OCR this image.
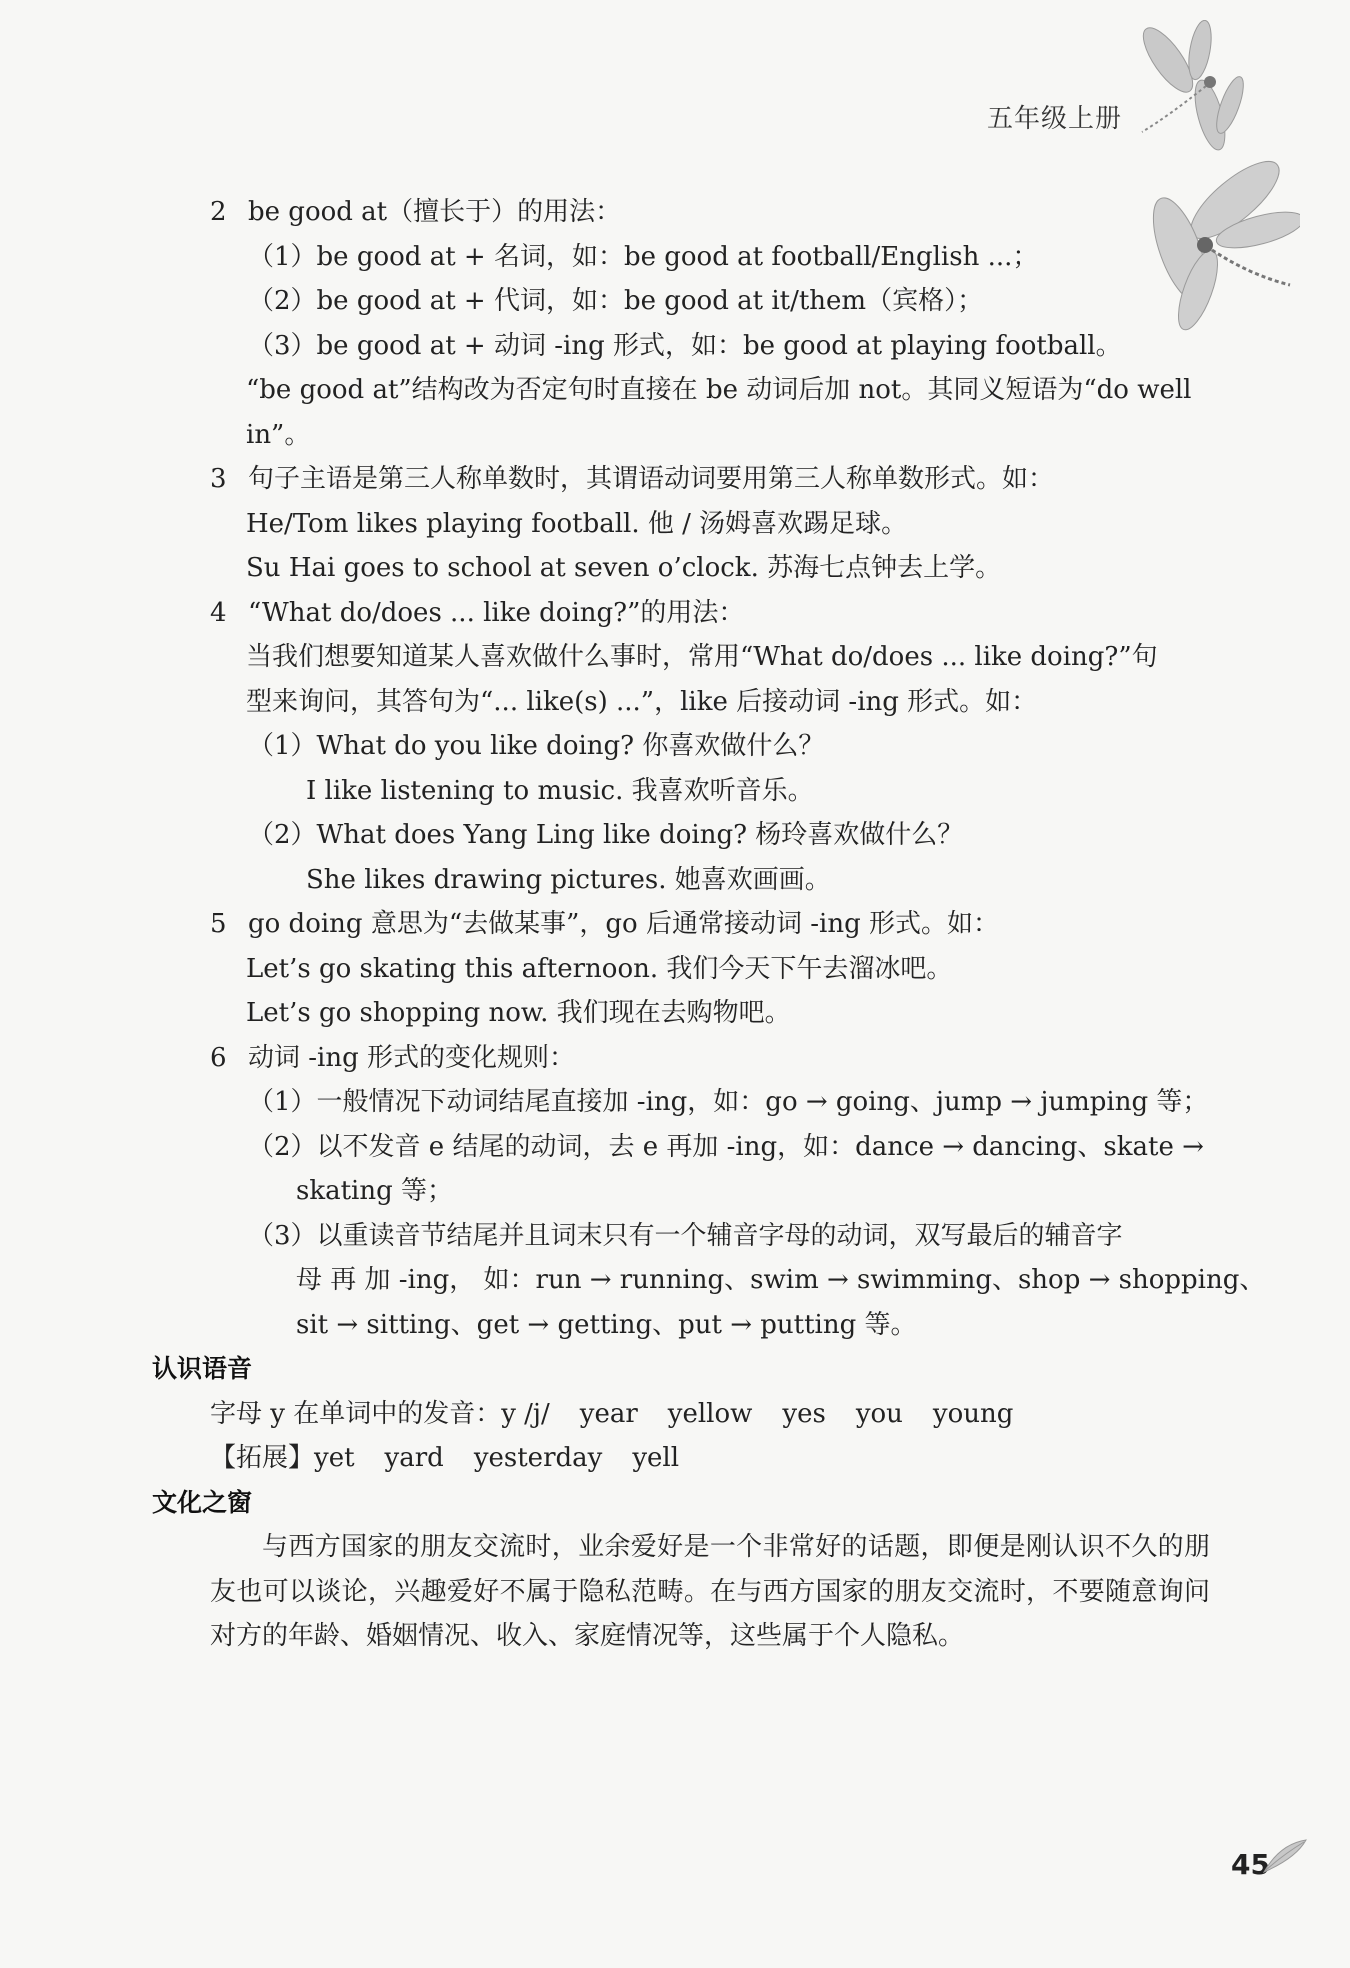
五年级上册
2 be good at（擅长于）的用法：
（1）be good at + 名词，如：be good at football/English ...；
（2）be good at + 代词，如：be good at it/them（宾格）；
（3）be good at + 动词 -ing 形式，如：be good at playing football。
“be good at”结构改为否定句时直接在 be 动词后加 not。其同义短语为“do well
in”。
3 句子主语是第三人称单数时，其谓语动词要用第三人称单数形式。如：
He/Tom likes playing football. 他 / 汤姆喜欢踢足球。
Su Hai goes to school at seven o’clock. 苏海七点钟去上学。
4 “What do/does ... like doing?”的用法：
当我们想要知道某人喜欢做什么事时，常用“What do/does ... like doing?”句
型来询问，其答句为“... like(s) ...”，like 后接动词 -ing 形式。如：
（1）What do you like doing? 你喜欢做什么？
I like listening to music. 我喜欢听音乐。
（2）What does Yang Ling like doing? 杨玲喜欢做什么？
She likes drawing pictures. 她喜欢画画。
5 go doing 意思为“去做某事”，go 后通常接动词 -ing 形式。如：
Let’s go skating this afternoon. 我们今天下午去溜冰吧。
Let’s go shopping now. 我们现在去购物吧。
6 动词 -ing 形式的变化规则：
（1）一般情况下动词结尾直接加 -ing，如：go → going、jump → jumping 等；
（2）以不发音 e 结尾的动词，去 e 再加 -ing，如：dance → dancing、skate →
skating 等；
（3）以重读音节结尾并且词末只有一个辅音字母的动词，双写最后的辅音字
母 再 加 -ing， 如：run → running、swim → swimming、shop → shopping、
sit → sitting、get → getting、put → putting 等。
认识语音
字母 y 在单词中的发音：y /j/ year yellow yes you young
【拓展】yet yard yesterday yell
文化之窗
与西方国家的朋友交流时，业余爱好是一个非常好的话题，即便是刚认识不久的朋友也可以谈论，兴趣爱好不属于隐私范畴。在与西方国家的朋友交流时，不要随意询问对方的年龄、婚姻情况、收入、家庭情况等，这些属于个人隐私。
45
